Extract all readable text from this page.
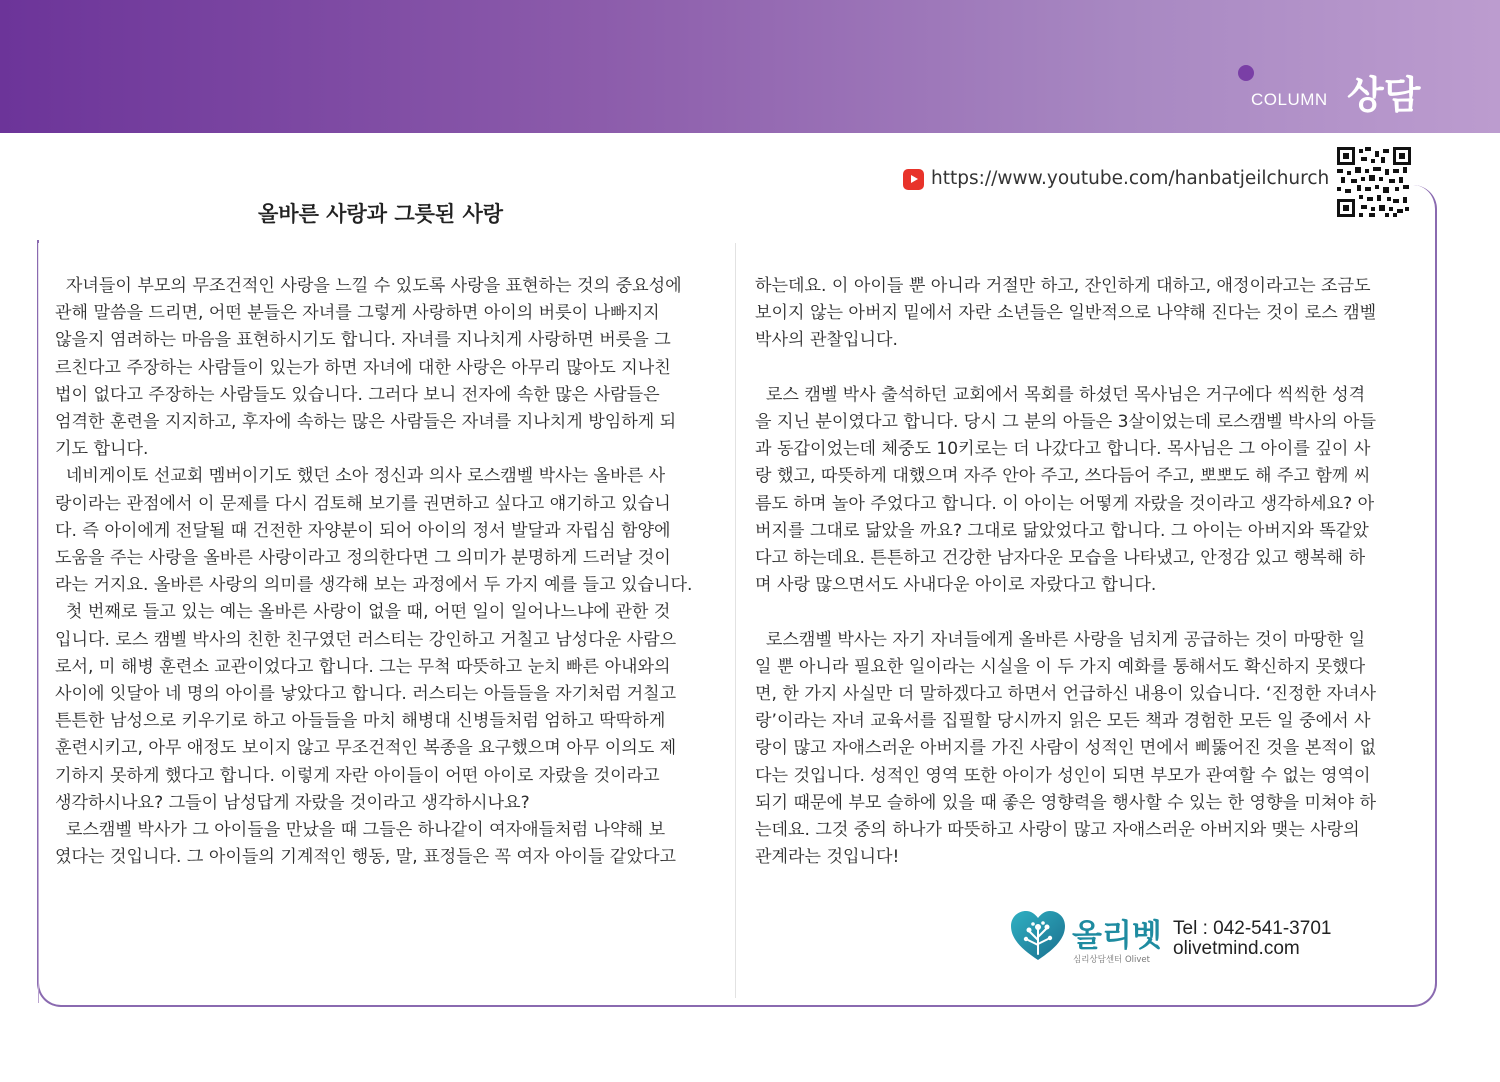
COLUMN 상담
https://www.youtube.com/hanbatjeilchurch
올바른 사랑과 그릇된 사랑

자녀들이 부모의 무조건적인 사랑을 느낄 수 있도록 사랑을 표현하는 것의 중요성에

관해 말씀을 드리면, 어떤 분들은 자녀를 그렇게 사랑하면 아이의 버릇이 나빠지지

않을지 염려하는 마음을 표현하시기도 합니다. 자녀를 지나치게 사랑하면 버릇을 그

르친다고 주장하는 사람들이 있는가 하면 자녀에 대한 사랑은 아무리 많아도 지나친

법이 없다고 주장하는 사람들도 있습니다. 그러다 보니 전자에 속한 많은 사람들은

엄격한 훈련을 지지하고, 후자에 속하는 많은 사람들은 자녀를 지나치게 방임하게 되

기도 합니다.

네비게이토 선교회 멤버이기도 했던 소아 정신과 의사 로스캠벨 박사는 올바른 사

랑이라는 관점에서 이 문제를 다시 검토해 보기를 권면하고 싶다고 얘기하고 있습니

다. 즉 아이에게 전달될 때 건전한 자양분이 되어 아이의 정서 발달과 자립심 함양에

도움을 주는 사랑을 올바른 사랑이라고 정의한다면 그 의미가 분명하게 드러날 것이

라는 거지요. 올바른 사랑의 의미를 생각해 보는 과정에서 두 가지 예를 들고 있습니다.

첫 번째로 들고 있는 예는 올바른 사랑이 없을 때, 어떤 일이 일어나느냐에 관한 것

입니다. 로스 캠벨 박사의 친한 친구였던 러스티는 강인하고 거칠고 남성다운 사람으

로서, 미 해병 훈련소 교관이었다고 합니다. 그는 무척 따뜻하고 눈치 빠른 아내와의

사이에 잇달아 네 명의 아이를 낳았다고 합니다. 러스티는 아들들을 자기처럼 거칠고

튼튼한 남성으로 키우기로 하고 아들들을 마치 해병대 신병들처럼 엄하고 딱딱하게

훈련시키고, 아무 애정도 보이지 않고 무조건적인 복종을 요구했으며 아무 이의도 제

기하지 못하게 했다고 합니다. 이렇게 자란 아이들이 어떤 아이로 자랐을 것이라고

생각하시나요? 그들이 남성답게 자랐을 것이라고 생각하시나요?

로스캠벨 박사가 그 아이들을 만났을 때 그들은 하나같이 여자애들처럼 나약해 보

였다는 것입니다. 그 아이들의 기계적인 행동, 말, 표정들은 꼭 여자 아이들 같았다고

하는데요. 이 아이들 뿐 아니라 거절만 하고, 잔인하게 대하고, 애정이라고는 조금도

보이지 않는 아버지 밑에서 자란 소년들은 일반적으로 나약해 진다는 것이 로스 캠벨

박사의 관찰입니다.

로스 캠벨 박사 출석하던 교회에서 목회를 하셨던 목사님은 거구에다 씩씩한 성격

을 지닌 분이였다고 합니다. 당시 그 분의 아들은 3살이었는데 로스캠벨 박사의 아들

과 동갑이었는데 체중도 10키로는 더 나갔다고 합니다. 목사님은 그 아이를 깊이 사

랑 했고, 따뜻하게 대했으며 자주 안아 주고, 쓰다듬어 주고, 뽀뽀도 해 주고 함께 씨

름도 하며 놀아 주었다고 합니다. 이 아이는 어떻게 자랐을 것이라고 생각하세요? 아

버지를 그대로 닮았을 까요? 그대로 닮았었다고 합니다. 그 아이는 아버지와 똑같았

다고 하는데요. 튼튼하고 건강한 남자다운 모습을 나타냈고, 안정감 있고 행복해 하

며 사랑 많으면서도 사내다운 아이로 자랐다고 합니다.

로스캠벨 박사는 자기 자녀들에게 올바른 사랑을 넘치게 공급하는 것이 마땅한 일

일 뿐 아니라 필요한 일이라는 시실을 이 두 가지 예화를 통해서도 확신하지 못했다

면, 한 가지 사실만 더 말하겠다고 하면서 언급하신 내용이 있습니다. ‘진정한 자녀사

랑’이라는 자녀 교육서를 집필할 당시까지 읽은 모든 책과 경험한 모든 일 중에서 사

랑이 많고 자애스러운 아버지를 가진 사람이 성적인 면에서 삐뚫어진 것을 본적이 없

다는 것입니다. 성적인 영역 또한 아이가 성인이 되면 부모가 관여할 수 없는 영역이

되기 때문에 부모 슬하에 있을 때 좋은 영향력을 행사할 수 있는 한 영향을 미쳐야 하

는데요. 그것 중의 하나가 따뜻하고 사랑이 많고 자애스러운 아버지와 맺는 사랑의

관계라는 것입니다!

올리벳
심리상담센터 Olivet
Tel : 042-541-3701
olivetmind.com
